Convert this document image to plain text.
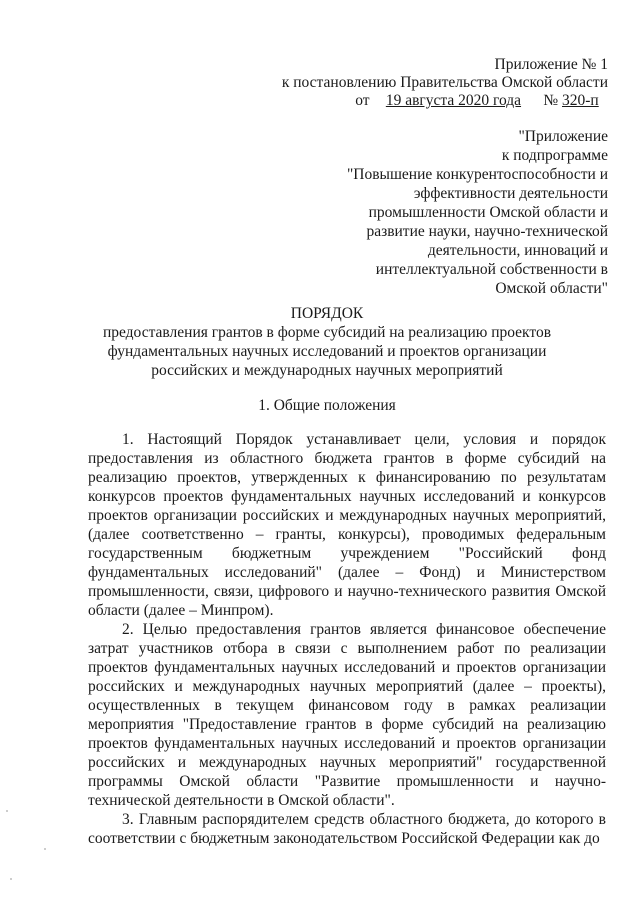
Приложение № 1
к постановлению Правительства Омской области
от 19 августа 2020 года № 320-п
"Приложение
к подпрограмме
"Повышение конкурентоспособности и
эффективности деятельности
промышленности Омской области и
развитие науки, научно-технической
деятельности, инноваций и
интеллектуальной собственности в
Омской области"
ПОРЯДОК
предоставления грантов в форме субсидий на реализацию проектов фундаментальных научных исследований и проектов организации российских и международных научных мероприятий
1. Общие положения

1. Настоящий Порядок устанавливает цели, условия и порядок предоставления из областного бюджета грантов в форме субсидий на реализацию проектов, утвержденных к финансированию по результатам конкурсов проектов фундаментальных научных исследований и конкурсов проектов организации российских и международных научных мероприятий, (далее соответственно – гранты, конкурсы), проводимых федеральным государственным бюджетным учреждением "Российский фонд фундаментальных исследований" (далее – Фонд) и Министерством промышленности, связи, цифрового и научно-технического развития Омской области (далее – Минпром).

2. Целью предоставления грантов является финансовое обеспечение затрат участников отбора в связи с выполнением работ по реализации проектов фундаментальных научных исследований и проектов организации российских и международных научных мероприятий (далее – проекты), осуществленных в текущем финансовом году в рамках реализации мероприятия "Предоставление грантов в форме субсидий на реализацию проектов фундаментальных научных исследований и проектов организации российских и международных научных мероприятий" государственной программы Омской области "Развитие промышленности и научно-технической деятельности в Омской области".

3. Главным распорядителем средств областного бюджета, до которого в соответствии с бюджетным законодательством Российской Федерации как до
